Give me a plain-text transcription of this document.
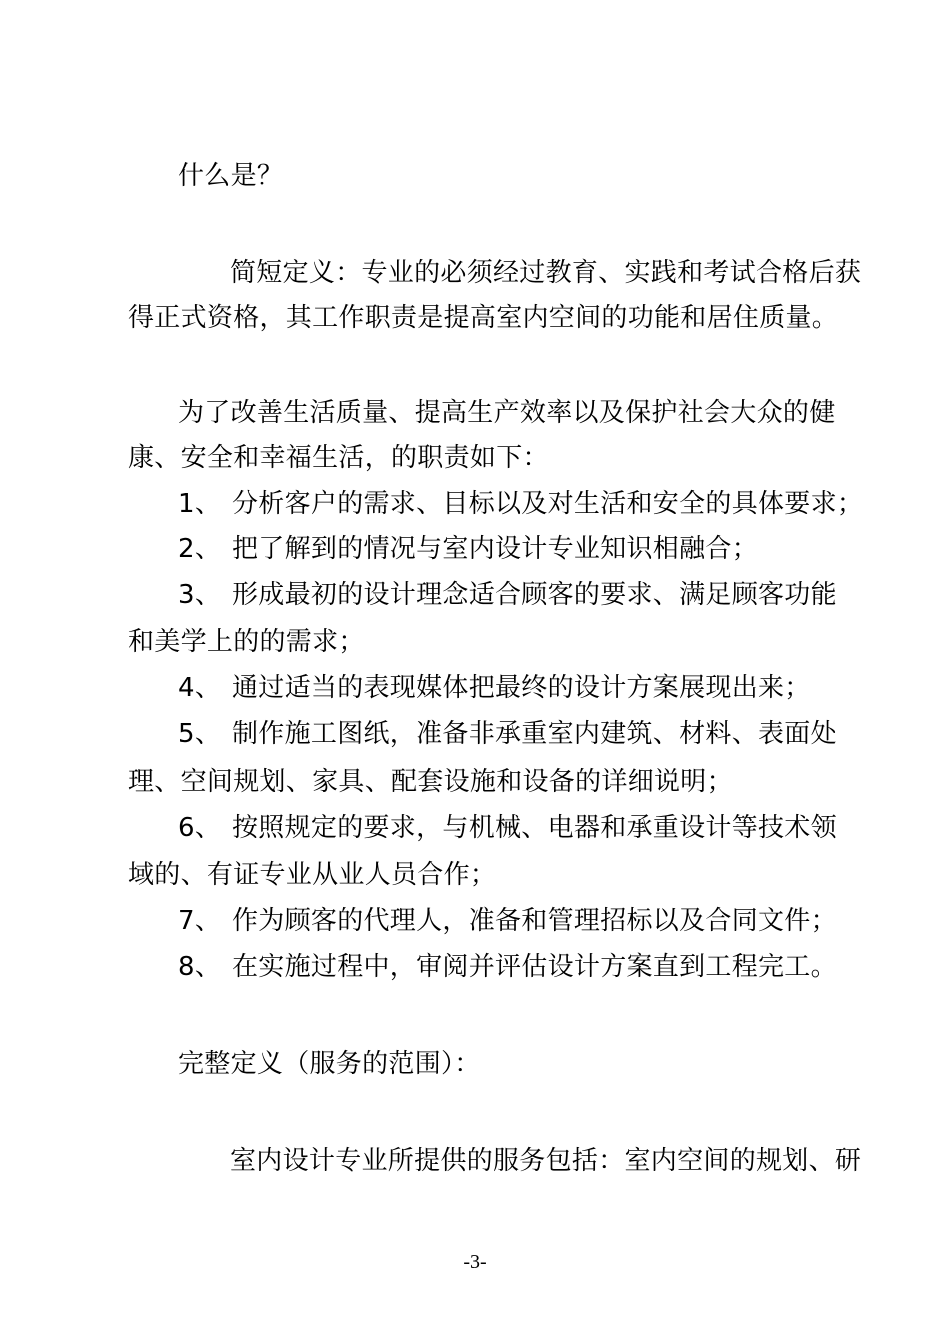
什么是？
简短定义：专业的必须经过教育、实践和考试合格后获
得正式资格，其工作职责是提高室内空间的功能和居住质量。
为了改善生活质量、提高生产效率以及保护社会大众的健
康、安全和幸福生活，的职责如下：
1、 分析客户的需求、目标以及对生活和安全的具体要求；
2、 把了解到的情况与室内设计专业知识相融合；
3、 形成最初的设计理念适合顾客的要求、满足顾客功能
和美学上的的需求；
4、 通过适当的表现媒体把最终的设计方案展现出来；
5、 制作施工图纸，准备非承重室内建筑、材料、表面处
理、空间规划、家具、配套设施和设备的详细说明；
6、 按照规定的要求，与机械、电器和承重设计等技术领
域的、有证专业从业人员合作；
7、 作为顾客的代理人，准备和管理招标以及合同文件；
8、 在实施过程中，审阅并评估设计方案直到工程完工。
完整定义（服务的范围）：
室内设计专业所提供的服务包括：室内空间的规划、研
-3-
